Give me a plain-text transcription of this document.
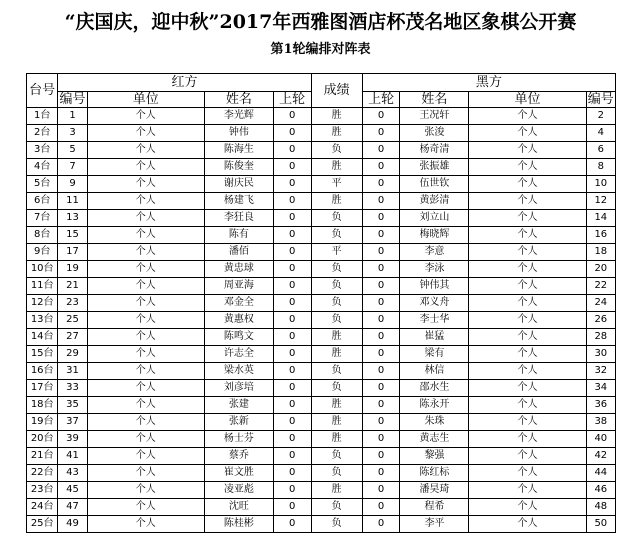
“庆国庆，迎中秋”2017年西雅图酒店杯茂名地区象棋公开赛
第1轮编排对阵表
台号	红方				成绩	黑方			
	编号	单位	姓名	上轮		上轮	姓名	单位	编号
1台	1	个人	李光辉	0	胜	0	王况轩	个人	2
2台	3	个人	钟伟	0	胜	0	张浚	个人	4
3台	5	个人	陈海生	0	负	0	杨奇清	个人	6
4台	7	个人	陈俊奎	0	胜	0	张振雄	个人	8
5台	9	个人	谢庆民	0	平	0	伍世钦	个人	10
6台	11	个人	杨建飞	0	胜	0	黄彭清	个人	12
7台	13	个人	李狂良	0	负	0	刘立山	个人	14
8台	15	个人	陈有	0	负	0	梅晓辉	个人	16
9台	17	个人	潘佰	0	平	0	李意	个人	18
10台	19	个人	黄忠球	0	负	0	李泳	个人	20
11台	21	个人	周亚海	0	负	0	钟伟其	个人	22
12台	23	个人	邓金全	0	负	0	邓义舟	个人	24
13台	25	个人	黄惠权	0	负	0	李士华	个人	26
14台	27	个人	陈鸣文	0	胜	0	崔猛	个人	28
15台	29	个人	许志全	0	胜	0	梁有	个人	30
16台	31	个人	梁水英	0	负	0	林信	个人	32
17台	33	个人	刘彦培	0	负	0	邵水生	个人	34
18台	35	个人	张建	0	胜	0	陈永开	个人	36
19台	37	个人	张新	0	胜	0	朱珠	个人	38
20台	39	个人	杨士芬	0	胜	0	黄志生	个人	40
21台	41	个人	蔡乔	0	负	0	黎强	个人	42
22台	43	个人	崔文胜	0	负	0	陈红标	个人	44
23台	45	个人	凌亚彪	0	胜	0	潘昊琦	个人	46
24台	47	个人	沈旺	0	负	0	程希	个人	48
25台	49	个人	陈桂彬	0	负	0	李平	个人	50
